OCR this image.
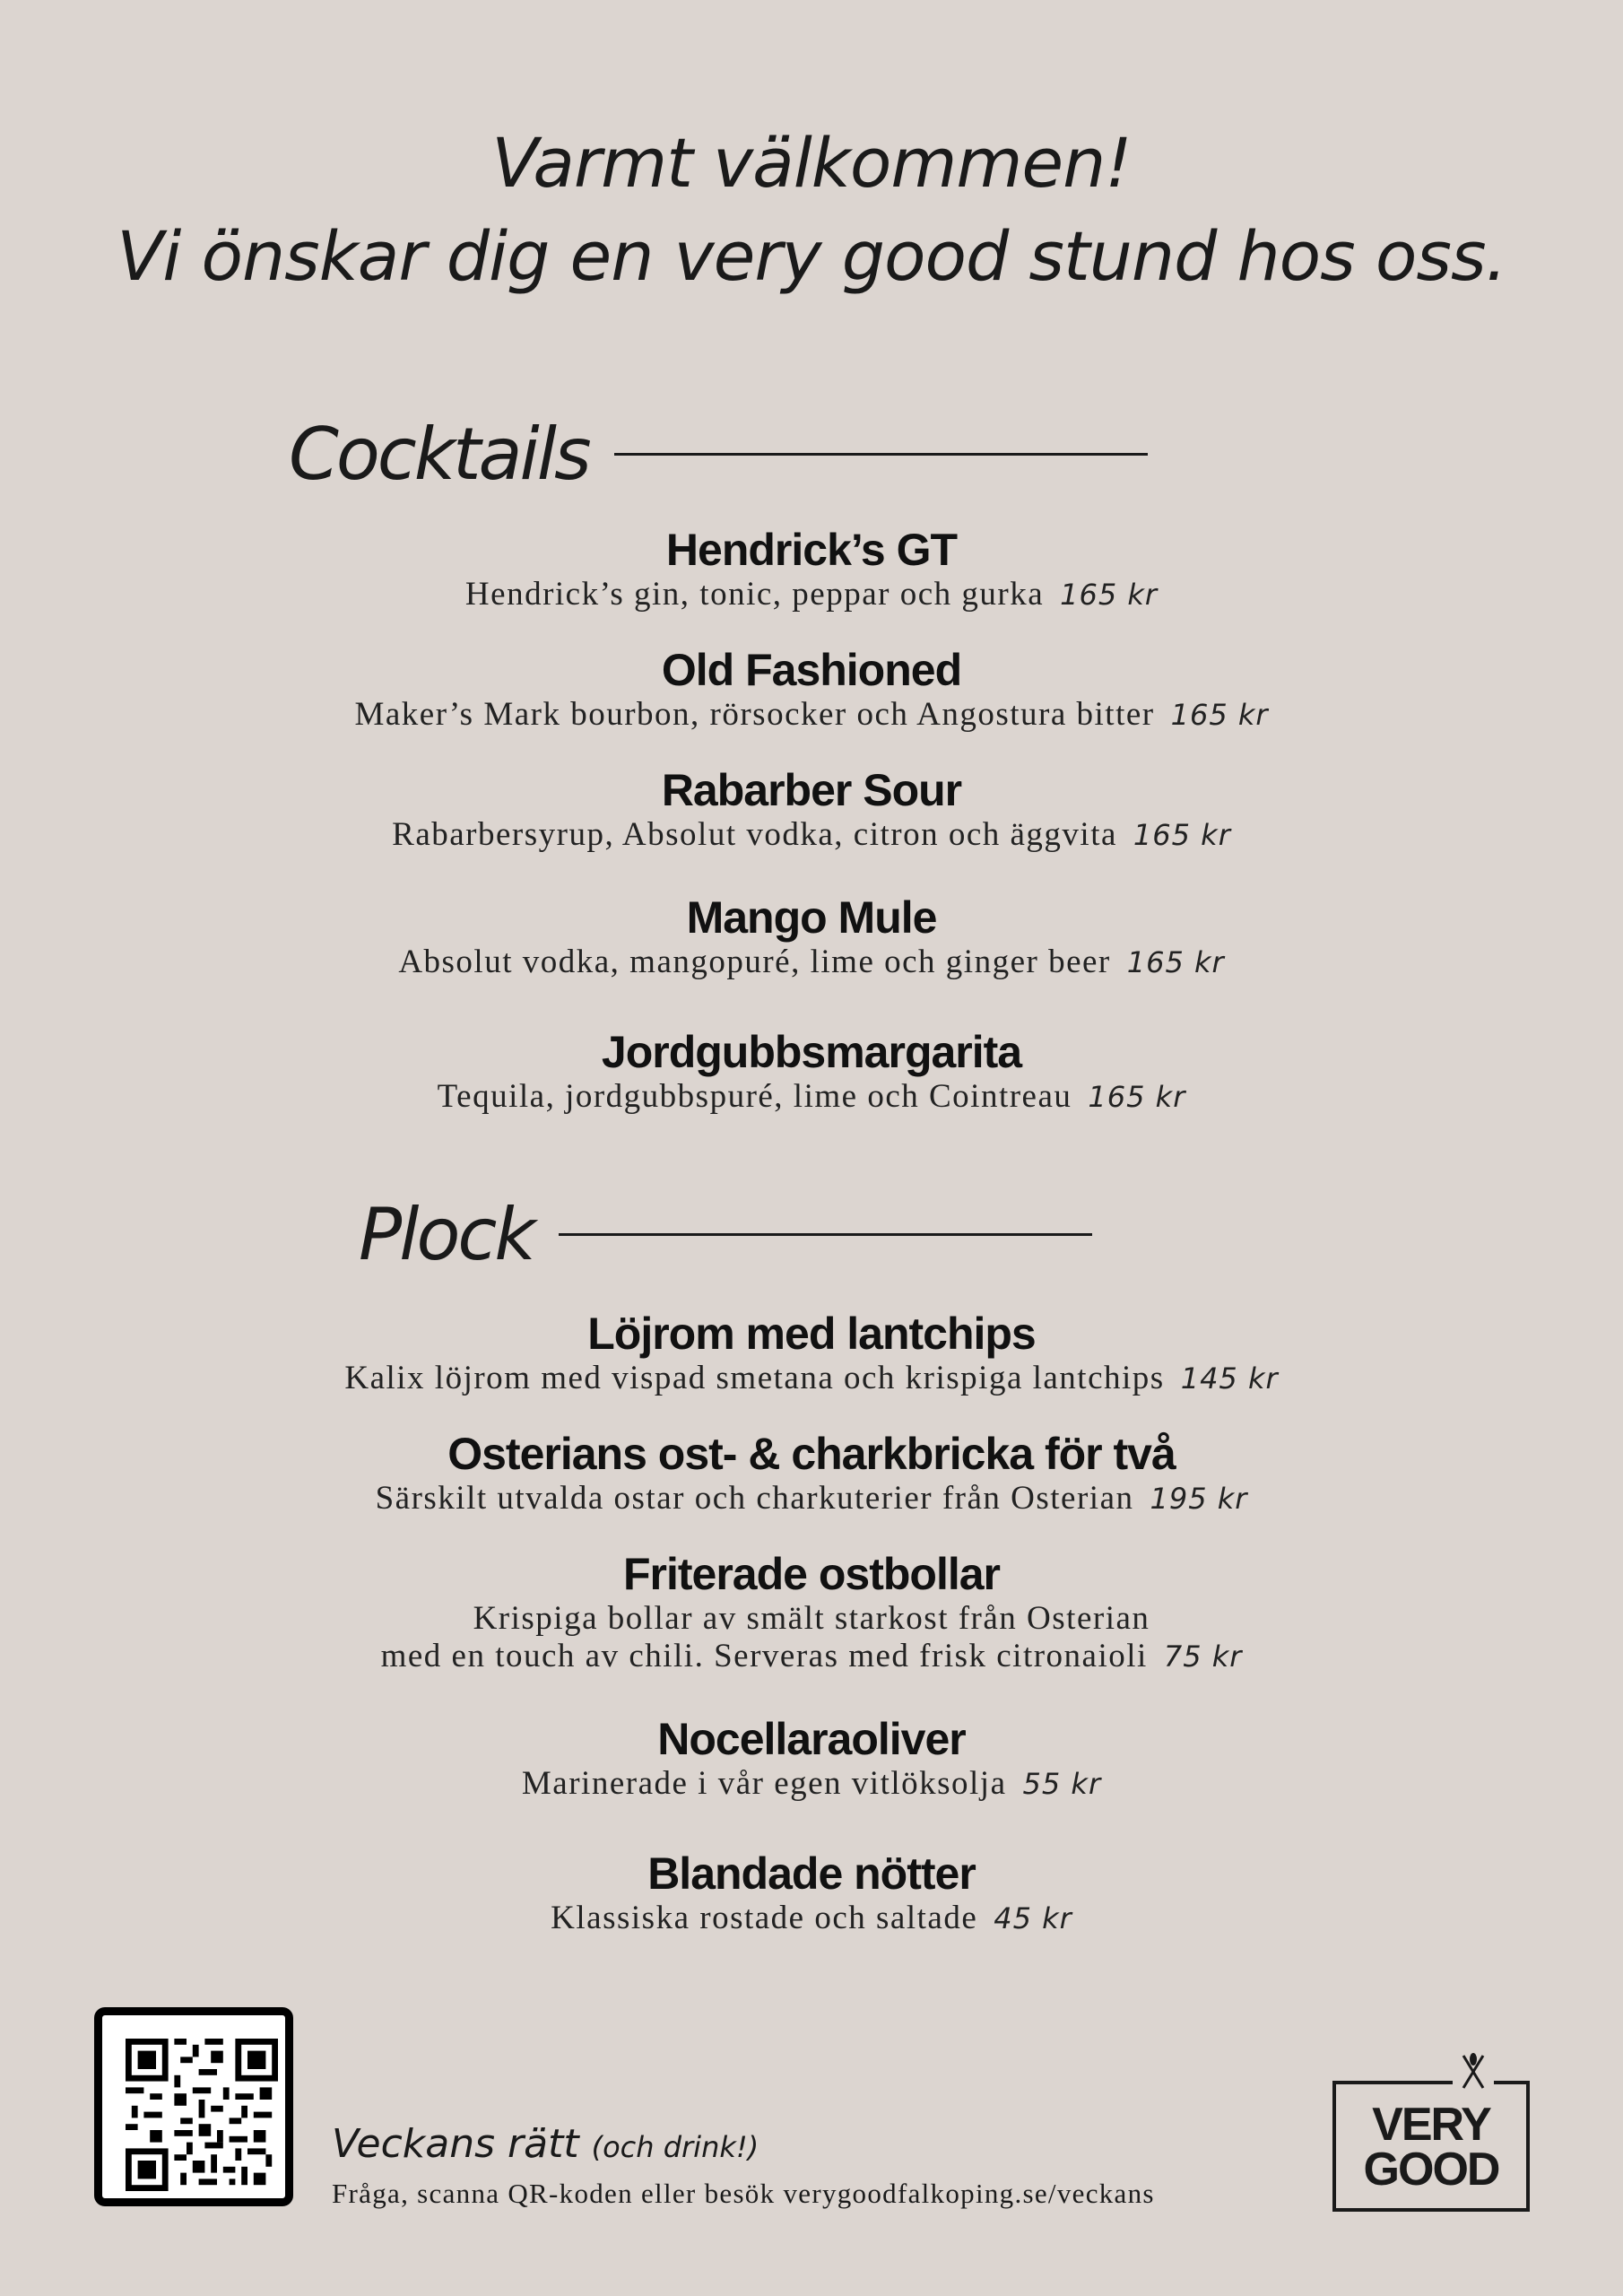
Varmt välkommen!
Vi önskar dig en very good stund hos oss.
Cocktails
Hendrick’s GT
Hendrick’s gin, tonic, peppar och gurka 165 kr
Old Fashioned
Maker’s Mark bourbon, rörsocker och Angostura bitter 165 kr
Rabarber Sour
Rabarbersyrup, Absolut vodka, citron och äggvita 165 kr
Mango Mule
Absolut vodka, mangopuré, lime och ginger beer 165 kr
Jordgubbsmargarita
Tequila, jordgubbspuré, lime och Cointreau 165 kr
Plock
Löjrom med lantchips
Kalix löjrom med vispad smetana och krispiga lantchips 145 kr
Osterians ost- & charkbricka för två
Särskilt utvalda ostar och charkuterier från Osterian 195 kr
Friterade ostbollar
Krispiga bollar av smält starkost från Osterian
med en touch av chili. Serveras med frisk citronaioli 75 kr
Nocellaraoliver
Marinerade i vår egen vitlöksolja 55 kr
Blandade nötter
Klassiska rostade och saltade 45 kr
Veckans rätt (och drink!)
Fråga, scanna QR-koden eller besök verygoodfalkoping.se/veckans
VERY
GOOD
